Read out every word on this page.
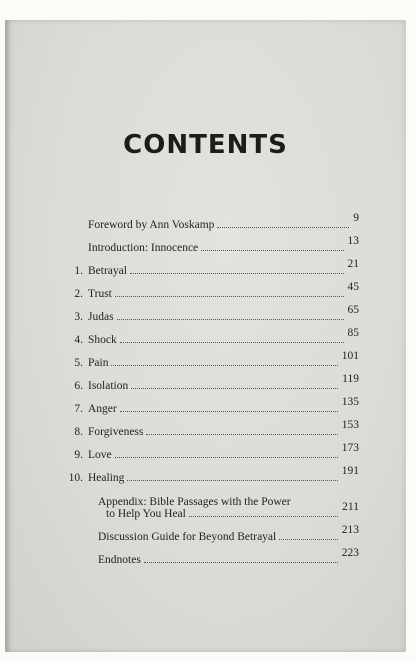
CONTENTS
Foreword by Ann Voskamp
9
Introduction: Innocence
13
1. Betrayal
21
2. Trust
45
3. Judas
65
4. Shock
85
5. Pain
101
6. Isolation
119
7. Anger
135
8. Forgiveness
153
9. Love
173
10. Healing
191
Appendix: Bible Passages with the Power
to Help You Heal
211
Discussion Guide for Beyond Betrayal
213
Endnotes
223
